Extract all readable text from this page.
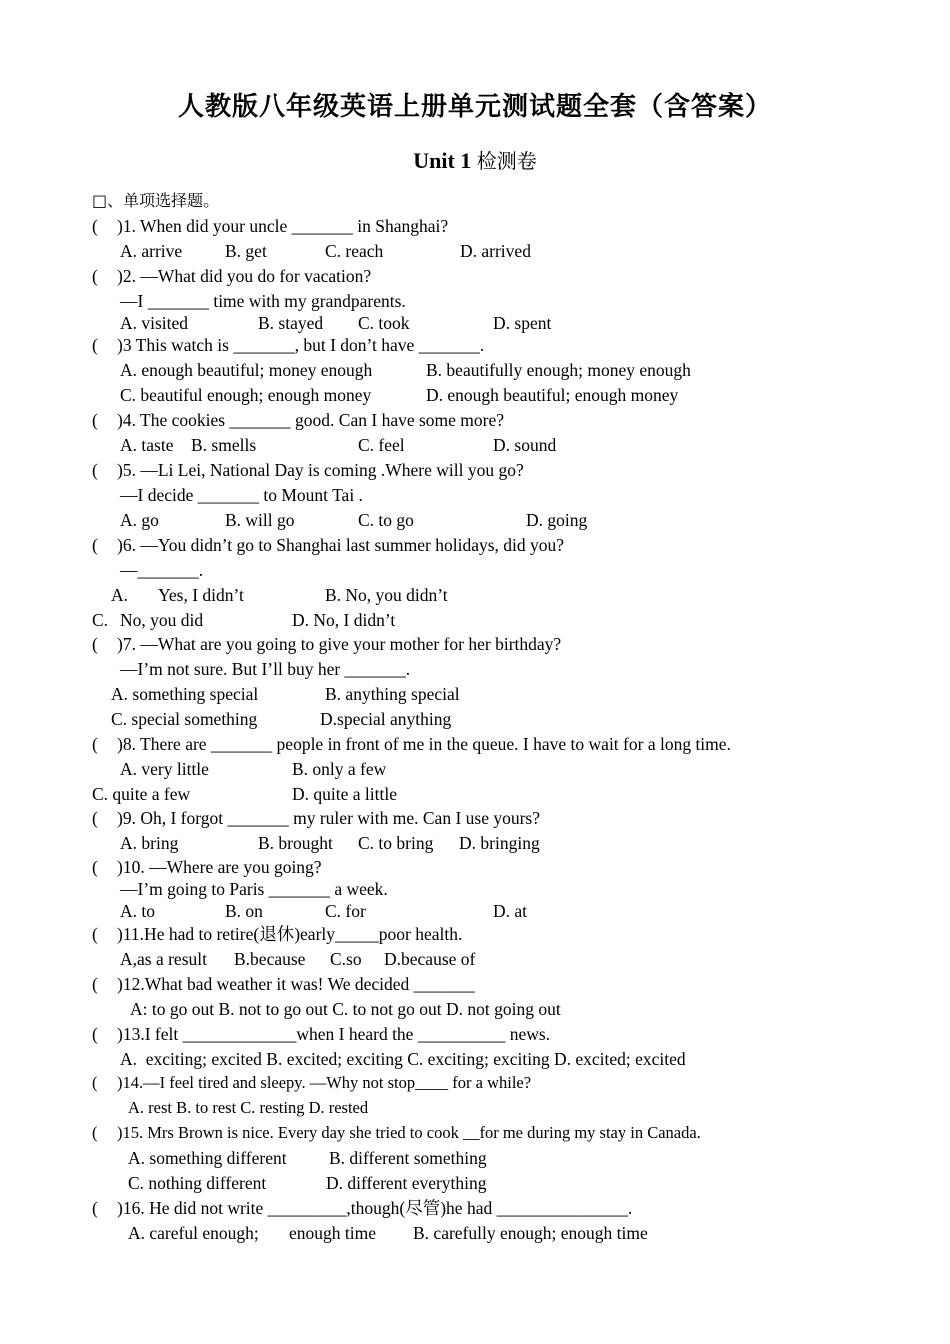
人教版八年级英语上册单元测试题全套（含答案）
Unit 1 检测卷
□、单项选择题。
( )1. When did your uncle _______ in Shanghai?
A. arrive B. get	C. reach	D. arrived
( )2. —What did you do for vacation?
—I _______ time with my grandparents.
A. visited	B. stayed C. took	D. spent
( )3 This watch is _______, but I don’t have _______.
A. enough beautiful; money enough	B. beautifully enough; money enough
C. beautiful enough; enough money	D. enough beautiful; enough money
( )4. The cookies _______ good. Can I have some more?
A. taste B. smells	C. feel	D. sound
( )5. —Li Lei, National Day is coming .Where will you go?
—I decide _______ to Mount Tai .
A. go	B. will go	C. to go	D. going
( )6. —You didn’t go to Shanghai last summer holidays, did you?
—_______.
A. Yes, I didn’t	B. No, you didn’t
C. No, you did	D. No, I didn’t
( )7. —What are you going to give your mother for her birthday?
—I’m not sure. But I’ll buy her _______.
A. something special	B. anything special
C. special something	D.special anything
( )8. There are _______ people in front of me in the queue. I have to wait for a long time.
A. very little	B. only a few
C. quite a few	D. quite a little
( )9. Oh, I forgot _______ my ruler with me. Can I use yours?
A. bring	B. brought C. to bring D. bringing
( )10. —Where are you going?
—I’m going to Paris _______ a week.
A. to	B. on	C. for	D. at
( )11.He had to retire(退休)early_____poor health.
A,as a result B.because C.so D.because of
( )12.What bad weather it was! We decided _______
A: to go out B. not to go out C. to not go out D. not going out
( )13.I felt _____________when I heard the __________ news.
A.  exciting; excited B. excited; exciting C. exciting; exciting D. excited; excited
( )14.—I feel tired and sleepy. —Why not stop____ for a while?
A. rest B. to rest C. resting D. rested
( )15. Mrs Brown is nice. Every day she tried to cook __for me during my stay in Canada.
A. something different B. different something
C. nothing different	D. different everything
( )16. He did not write _________,though(尽管)he had _______________.
A. careful enough; enough time B. carefully enough; enough time
